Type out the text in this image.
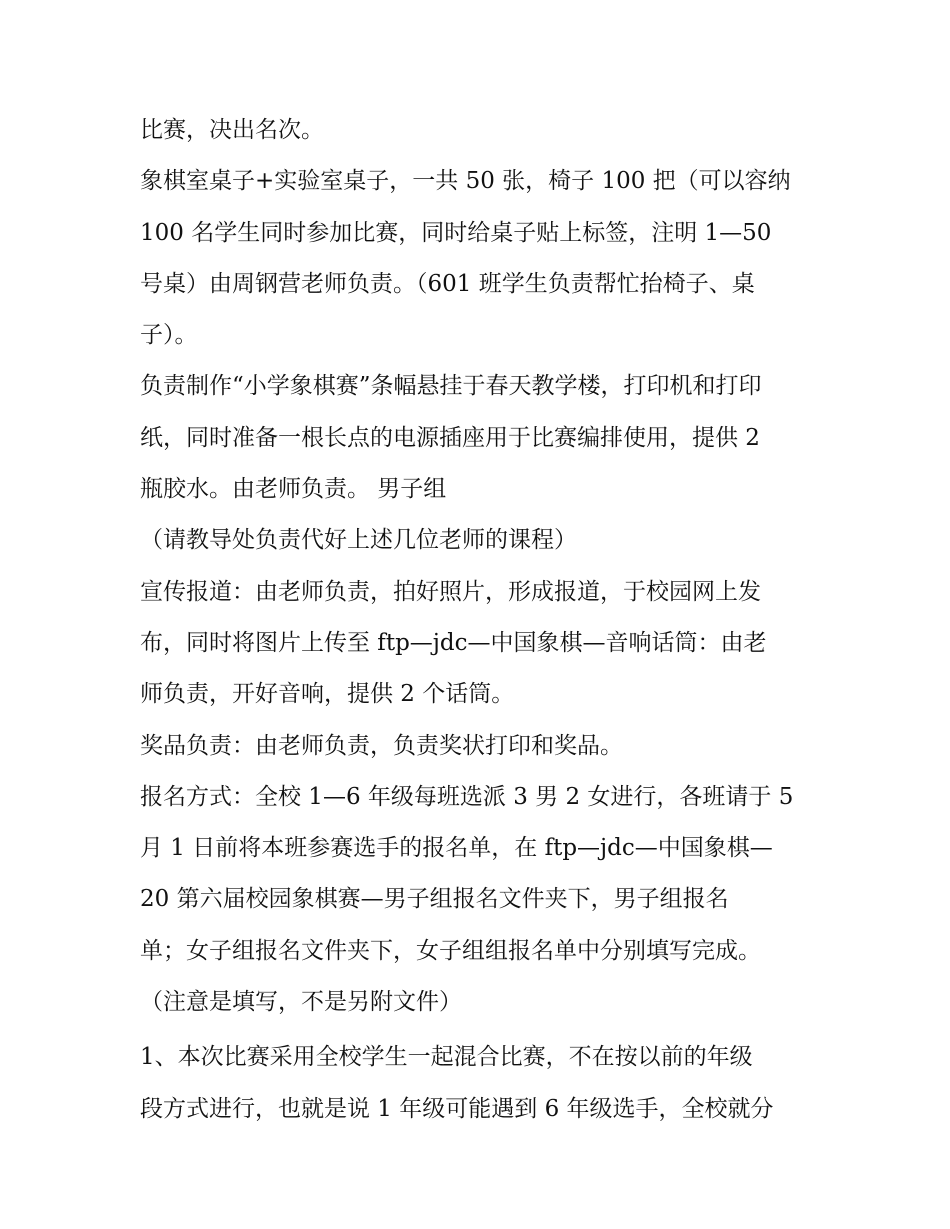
比赛，决出名次。

象棋室桌子+实验室桌子，一共 50 张，椅子 100 把（可以容纳

100 名学生同时参加比赛，同时给桌子贴上标签，注明 1—50

号桌）由周钢营老师负责。（601 班学生负责帮忙抬椅子、桌

子）。

负责制作“小学象棋赛”条幅悬挂于春天教学楼，打印机和打印

纸，同时准备一根长点的电源插座用于比赛编排使用，提供 2

瓶胶水。由老师负责。 男子组

（请教导处负责代好上述几位老师的课程）

宣传报道：由老师负责，拍好照片，形成报道，于校园网上发

布，同时将图片上传至 ftp—jdc—中国象棋—音响话筒：由老

师负责，开好音响，提供 2 个话筒。

奖品负责：由老师负责，负责奖状打印和奖品。

报名方式：全校 1—6 年级每班选派 3 男 2 女进行，各班请于 5

月 1 日前将本班参赛选手的报名单，在 ftp—jdc—中国象棋—

20 第六届校园象棋赛—男子组报名文件夹下，男子组报名

单；女子组报名文件夹下，女子组组报名单中分别填写完成。

（注意是填写，不是另附文件）

1、本次比赛采用全校学生一起混合比赛，不在按以前的年级

段方式进行，也就是说 1 年级可能遇到 6 年级选手，全校就分
